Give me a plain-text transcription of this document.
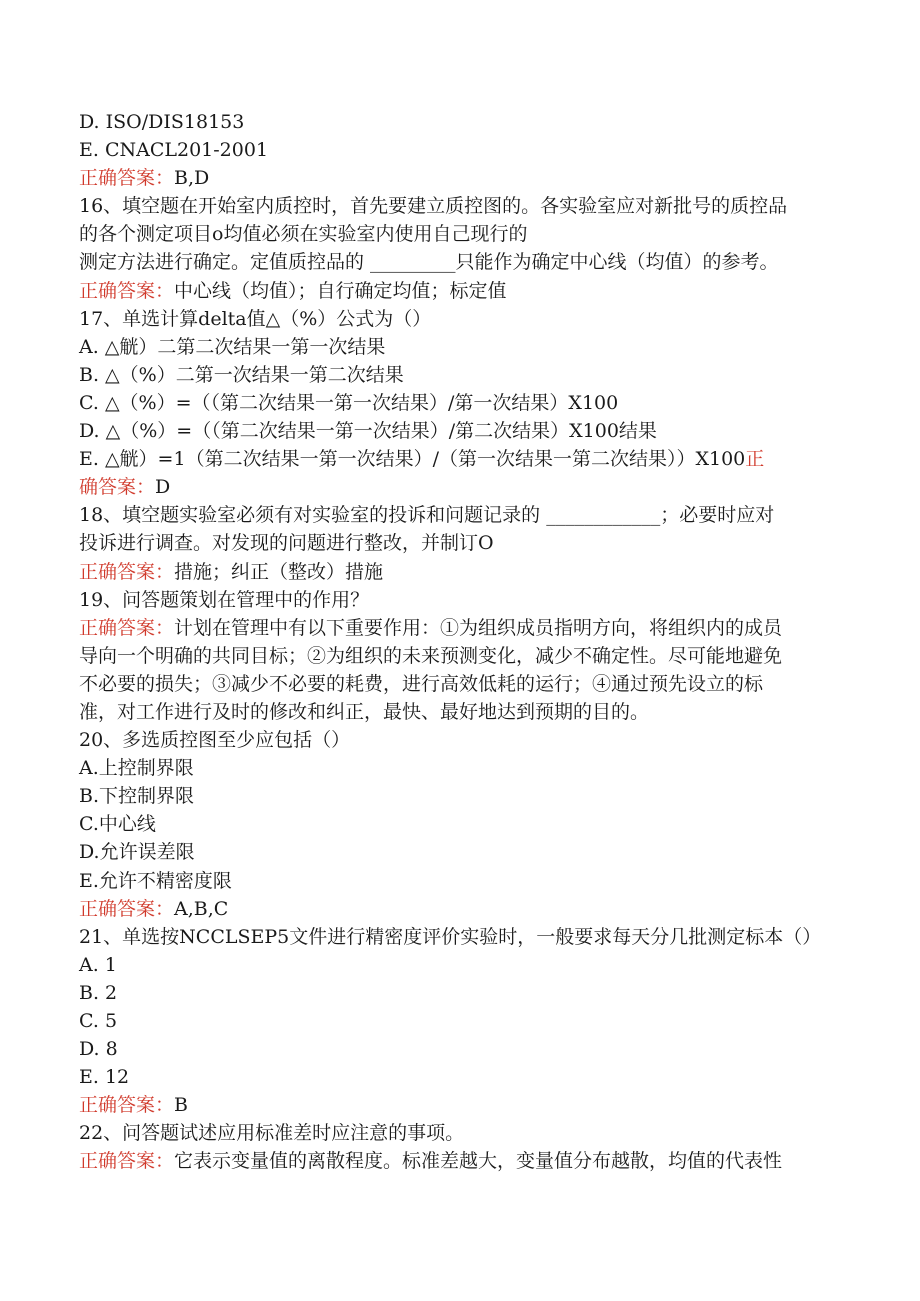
D. ISO/DIS18153
E. CNACL201-2001
正确答案：B,D
16、填空题在开始室内质控时，首先要建立质控图的。各实验室应对新批号的质控品
的各个测定项目o均值必须在实验室内使用自己现行的
测定方法进行确定。定值质控品的 _________只能作为确定中心线（均值）的参考。
正确答案：中心线（均值）；自行确定均值；标定值
17、单选计算delta值△（%）公式为（）
A. △觥）二第二次结果一第一次结果
B. △（%）二第一次结果一第二次结果
C. △（%）=（（第二次结果一第一次结果）/第一次结果）X100
D. △（%）=（（第二次结果一第一次结果）/第二次结果）X100结果
E. △觥）=1（第二次结果一第一次结果）/（第一次结果一第二次结果））X100正
确答案：D
18、填空题实验室必须有对实验室的投诉和问题记录的 ____________；必要时应对
投诉进行调查。对发现的问题进行整改，并制订O
正确答案：措施；纠正（整改）措施
19、问答题策划在管理中的作用？
正确答案：计划在管理中有以下重要作用：①为组织成员指明方向，将组织内的成员
导向一个明确的共同目标；②为组织的未来预测变化，减少不确定性。尽可能地避免
不必要的损失；③减少不必要的耗费，进行高效低耗的运行；④通过预先设立的标
准，对工作进行及时的修改和纠正，最快、最好地达到预期的目的。
20、多选质控图至少应包括（）
A.上控制界限
B.下控制界限
C.中心线
D.允许误差限
E.允许不精密度限
正确答案：A,B,C
21、单选按NCCLSEP5文件进行精密度评价实验时，一般要求每天分几批测定标本（）
A. 1
B. 2
C. 5
D. 8
E. 12
正确答案：B
22、问答题试述应用标准差时应注意的事项。
正确答案：它表示变量值的离散程度。标准差越大，变量值分布越散，均值的代表性
